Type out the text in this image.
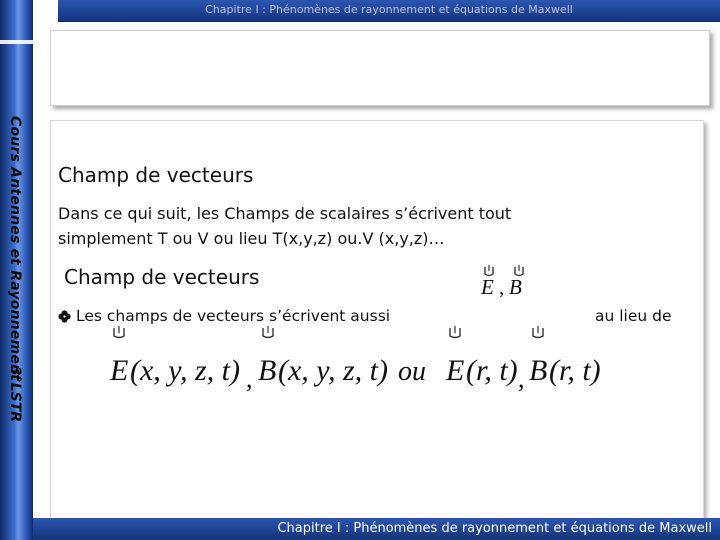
Chapitre I : Phénomènes de rayonnement et équations de Maxwell
Cours Antennes et Rayonnement
3°LSTR
Champ de vecteurs
Dans ce qui suit, les Champs de scalaires s’écrivent tout
simplement T ou V ou lieu T(x,y,z) ou.V (x,y,z)…
Champ de vecteurs
Les champs de vecteurs s’écrivent aussi	au lieu de
E , B
E (x, y, z, t) , B (x, y, z, t) ou E (r, t) , B (r, t)
Chapitre I : Phénomènes de rayonnement et équations de Maxwell
